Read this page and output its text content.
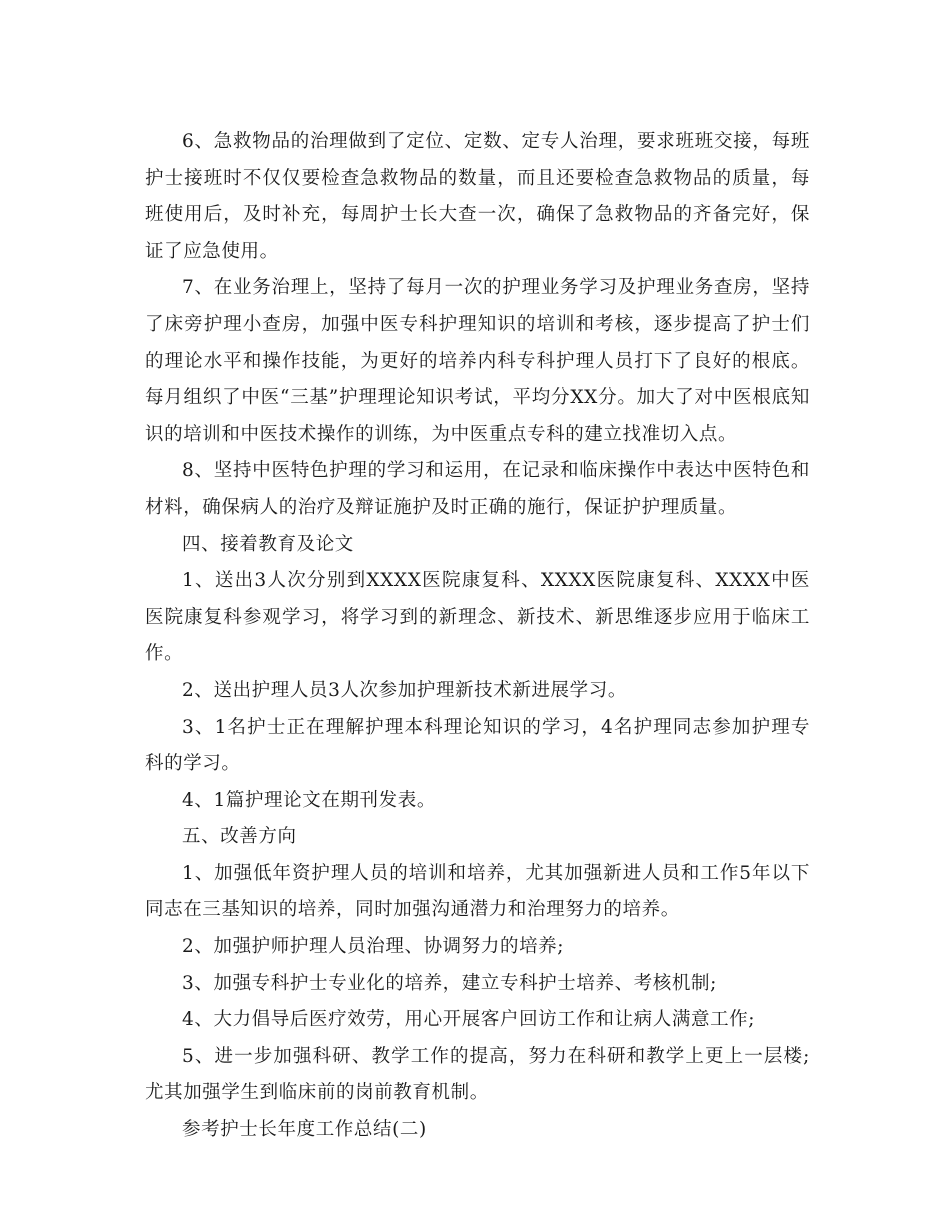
6、急救物品的治理做到了定位、定数、定专人治理，要求班班交接，每班护士接班时不仅仅要检查急救物品的数量，而且还要检查急救物品的质量，每班使用后，及时补充，每周护士长大查一次，确保了急救物品的齐备完好，保证了应急使用。

7、在业务治理上，坚持了每月一次的护理业务学习及护理业务查房，坚持了床旁护理小查房，加强中医专科护理知识的培训和考核，逐步提高了护士们的理论水平和操作技能，为更好的培养内科专科护理人员打下了良好的根底。每月组织了中医“三基”护理理论知识考试，平均分XX分。加大了对中医根底知识的培训和中医技术操作的训练，为中医重点专科的建立找准切入点。

8、坚持中医特色护理的学习和运用，在记录和临床操作中表达中医特色和材料，确保病人的治疗及辩证施护及时正确的施行，保证护护理质量。

四、接着教育及论文

1、送出3人次分别到XXXX医院康复科、XXXX医院康复科、XXXX中医医院康复科参观学习，将学习到的新理念、新技术、新思维逐步应用于临床工作。

2、送出护理人员3人次参加护理新技术新进展学习。

3、1名护士正在理解护理本科理论知识的学习，4名护理同志参加护理专科的学习。

4、1篇护理论文在期刊发表。

五、改善方向

1、加强低年资护理人员的培训和培养，尤其加强新进人员和工作5年以下同志在三基知识的培养，同时加强沟通潜力和治理努力的培养。

2、加强护师护理人员治理、协调努力的培养;

3、加强专科护士专业化的培养，建立专科护士培养、考核机制;

4、大力倡导后医疗效劳，用心开展客户回访工作和让病人满意工作;

5、进一步加强科研、教学工作的提高，努力在科研和教学上更上一层楼;尤其加强学生到临床前的岗前教育机制。

参考护士长年度工作总结(二)
